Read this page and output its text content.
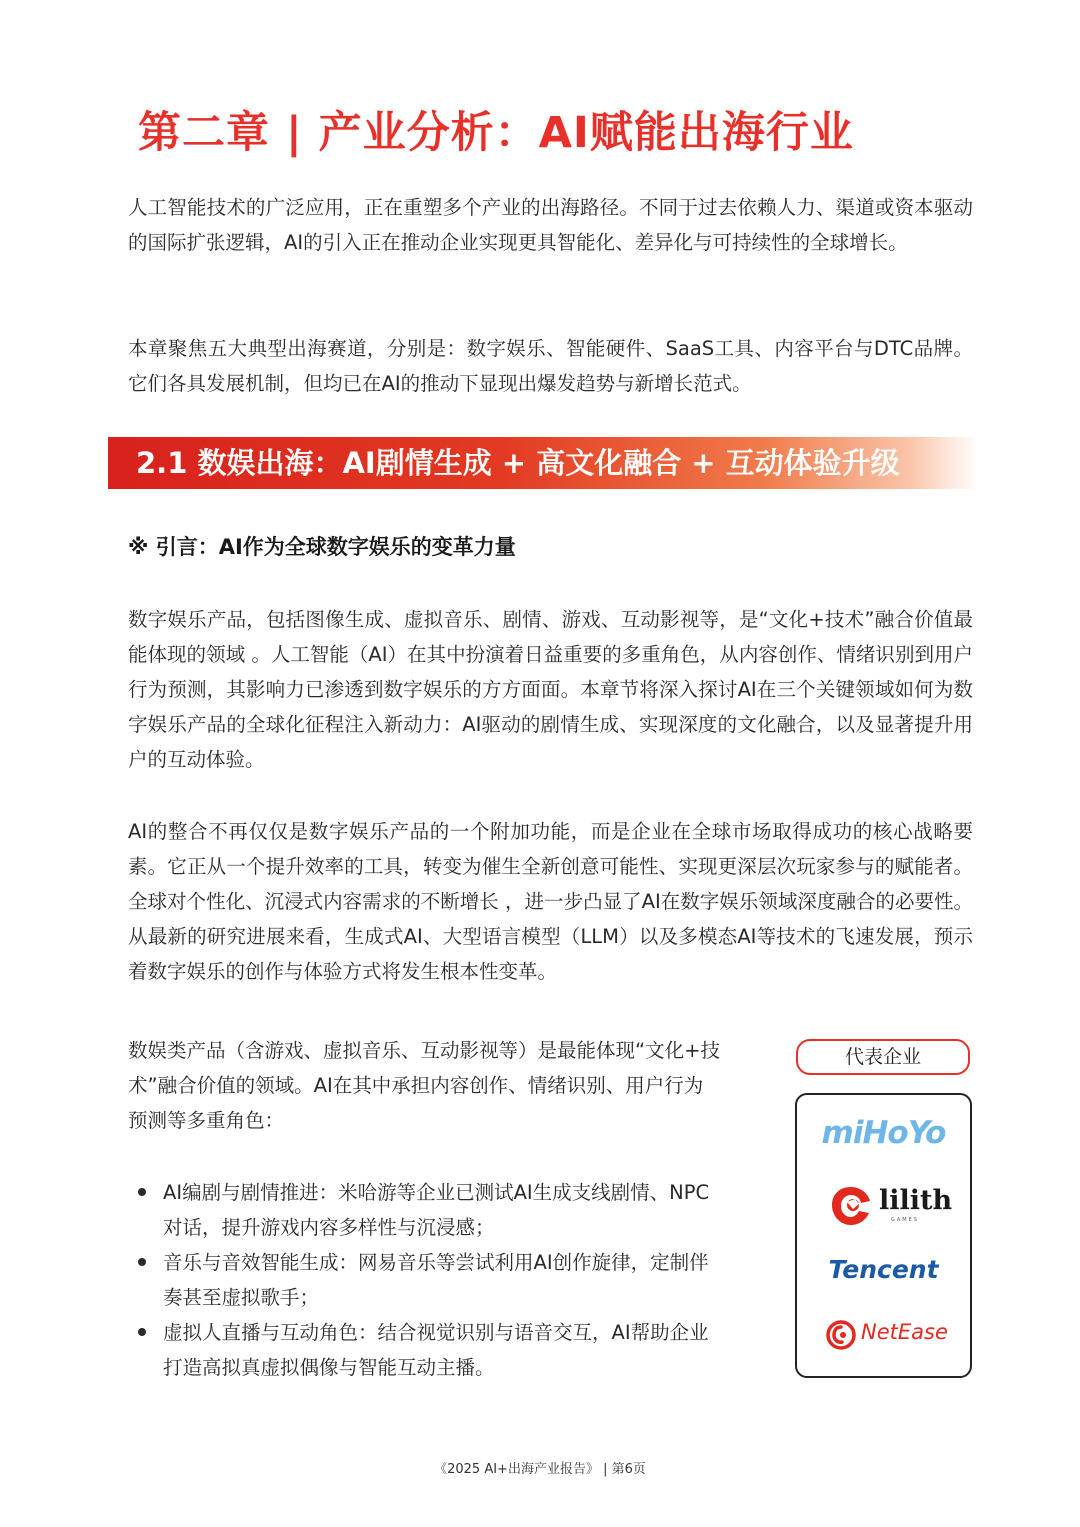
第二章 | 产业分析：AI赋能出海行业

人工智能技术的广泛应用，正在重塑多个产业的出海路径。不同于过去依赖人力、渠道或资本驱动的国际扩张逻辑，AI的引入正在推动企业实现更具智能化、差异化与可持续性的全球增长。

本章聚焦五大典型出海赛道，分别是：数字娱乐、智能硬件、SaaS工具、内容平台与DTC品牌。它们各具发展机制，但均已在AI的推动下显现出爆发趋势与新增长范式。

2.1 数娱出海：AI剧情生成 + 高文化融合 + 互动体验升级
※ 引言：AI作为全球数字娱乐的变革力量

数字娱乐产品，包括图像生成、虚拟音乐、剧情、游戏、互动影视等，是“文化+技术”融合价值最能体现的领域 。人工智能（AI）在其中扮演着日益重要的多重角色，从内容创作、情绪识别到用户行为预测，其影响力已渗透到数字娱乐的方方面面。本章节将深入探讨AI在三个关键领域如何为数字娱乐产品的全球化征程注入新动力：AI驱动的剧情生成、实现深度的文化融合，以及显著提升用户的互动体验。

AI的整合不再仅仅是数字娱乐产品的一个附加功能，而是企业在全球市场取得成功的核心战略要素。它正从一个提升效率的工具，转变为催生全新创意可能性、实现更深层次玩家参与的赋能者。全球对个性化、沉浸式内容需求的不断增长 ，进一步凸显了AI在数字娱乐领域深度融合的必要性。从最新的研究进展来看，生成式AI、大型语言模型（LLM）以及多模态AI等技术的飞速发展，预示着数字娱乐的创作与体验方式将发生根本性变革。

数娱类产品（含游戏、虚拟音乐、互动影视等）是最能体现“文化+技术”融合价值的领域。AI在其中承担内容创作、情绪识别、用户行为预测等多重角色：

AI编剧与剧情推进：米哈游等企业已测试AI生成支线剧情、NPC对话，提升游戏内容多样性与沉浸感；
音乐与音效智能生成：网易音乐等尝试利用AI创作旋律，定制伴奏甚至虚拟歌手；
虚拟人直播与互动角色：结合视觉识别与语音交互，AI帮助企业打造高拟真虚拟偶像与智能互动主播。
代表企业
miHoYo
lilith
GAMES
Tencent
NetEase
《2025 AI+出海产业报告》 | 第6页
